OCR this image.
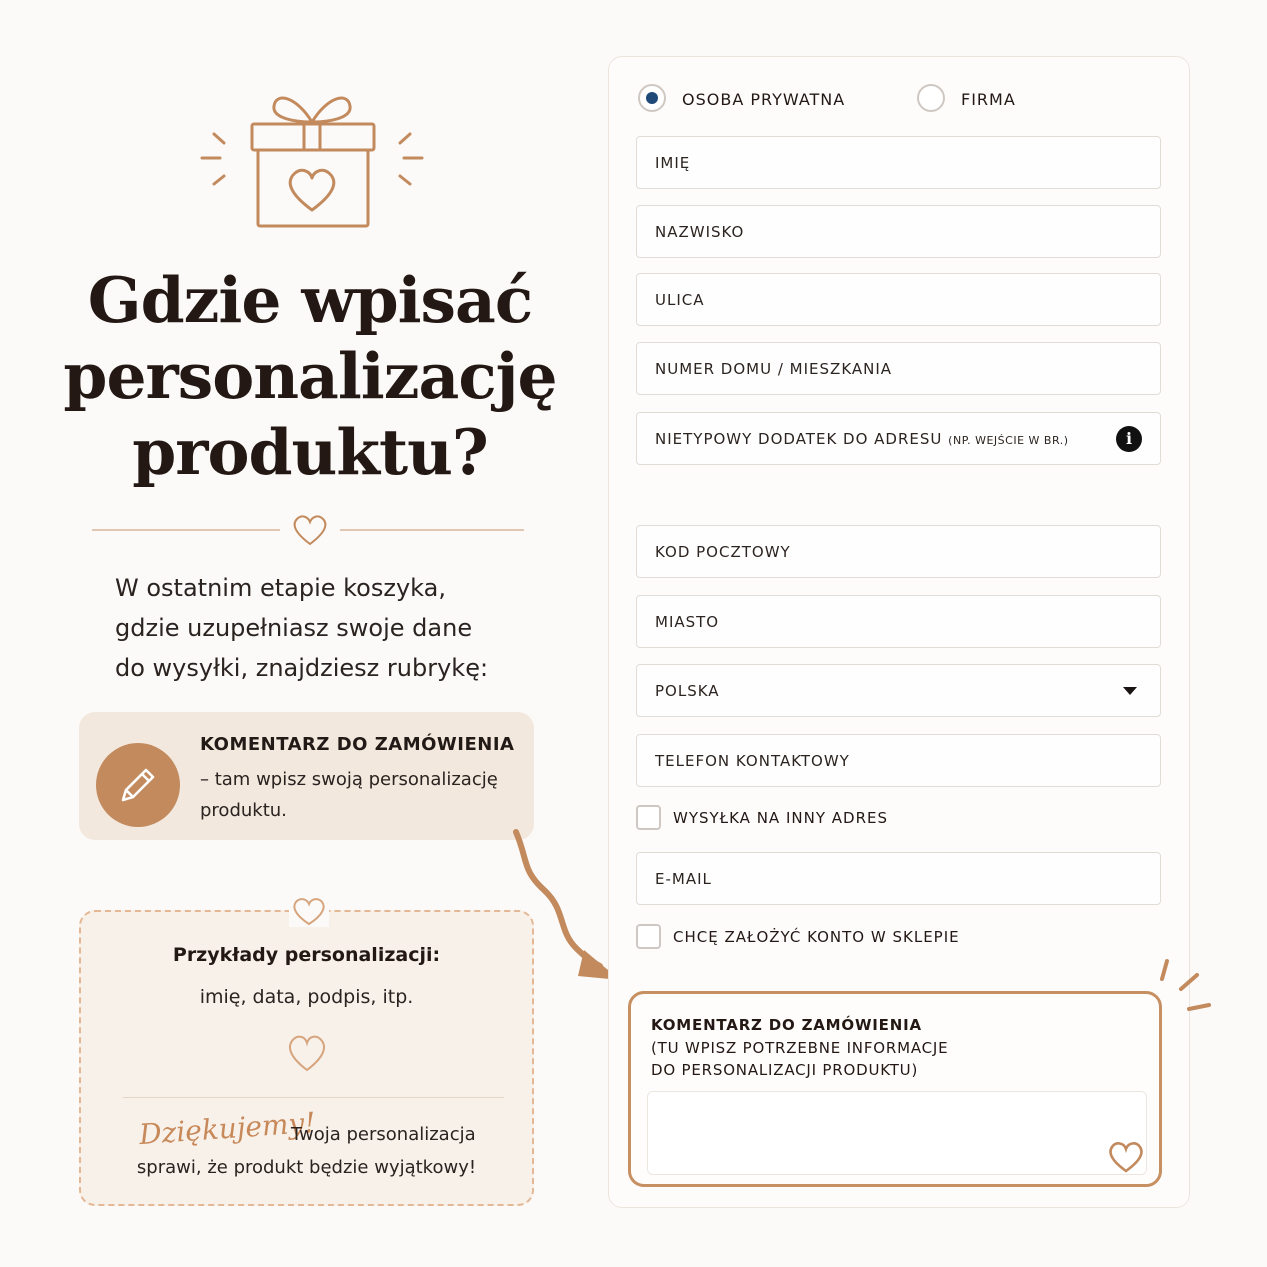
Gdzie wpisać
personalizację
produktu?
W ostatnim etapie koszyka,
gdzie uzupełniasz swoje dane
do wysyłki, znajdziesz rubrykę:
KOMENTARZ DO ZAMÓWIENIA
– tam wpisz swoją personalizację produktu.
Przykłady personalizacji:
imię, data, podpis, itp.
Dziękujemy!
Twoja personalizacja
sprawi, że produkt będzie wyjątkowy!
OSOBA PRYWATNA	FIRMA
IMIĘ
NAZWISKO
ULICA
NUMER DOMU / MIESZKANIA
NIETYPOWY DODATEK DO ADRESU (NP. WEJŚCIE W BR.)	i
KOD POCZTOWY
MIASTO
POLSKA
TELEFON KONTAKTOWY
WYSYŁKA NA INNY ADRES
E-MAIL
CHCĘ ZAŁOŻYĆ KONTO W SKLEPIE
KOMENTARZ DO ZAMÓWIENIA
(TU WPISZ POTRZEBNE INFORMACJE
DO PERSONALIZACJI PRODUKTU)
